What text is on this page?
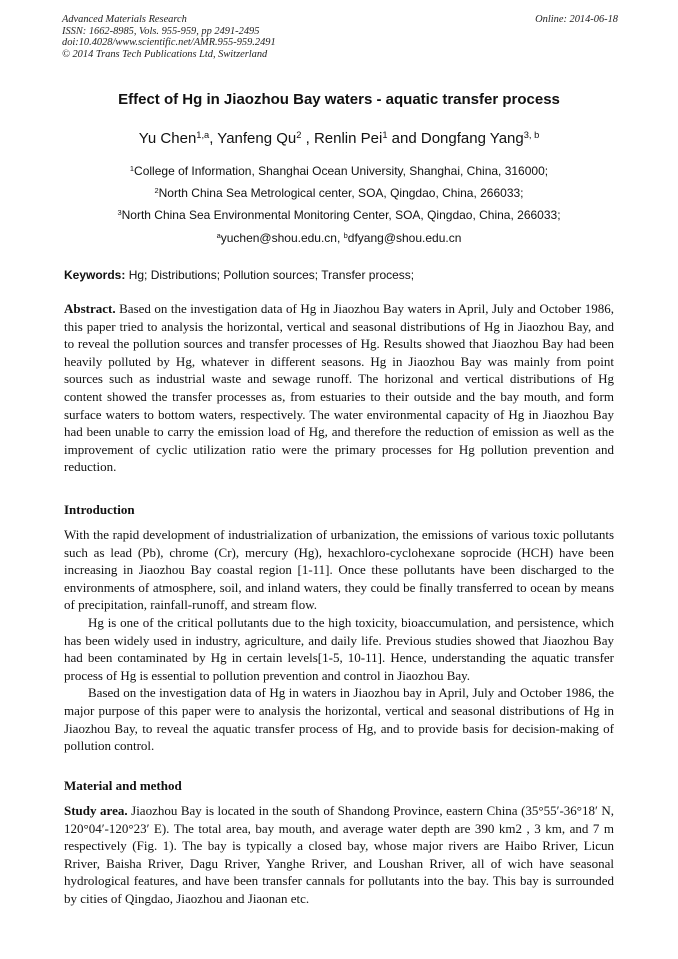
Advanced Materials Research
ISSN: 1662-8985, Vols. 955-959, pp 2491-2495
doi:10.4028/www.scientific.net/AMR.955-959.2491
© 2014 Trans Tech Publications Ltd, Switzerland
Online: 2014-06-18
Effect of Hg in Jiaozhou Bay waters - aquatic transfer process
Yu Chen$^{1,a}$, Yanfeng Qu$^2$ , Renlin Pei$^1$ and Dongfang Yang$^{3, b}$
$^1$College of Information, Shanghai Ocean University, Shanghai, China, 316000;
$^2$North China Sea Metrological center, SOA, Qingdao, China, 266033;
$^3$North China Sea Environmental Monitoring Center, SOA, Qingdao, China, 266033;
$^a$yuchen@shou.edu.cn, $^b$dfyang@shou.edu.cn
Keywords: Hg; Distributions; Pollution sources; Transfer process;

Abstract. Based on the investigation data of Hg in Jiaozhou Bay waters in April, July and October 1986, this paper tried to analysis the horizontal, vertical and seasonal distributions of Hg in Jiaozhou Bay, and to reveal the pollution sources and transfer processes of Hg. Results showed that Jiaozhou Bay had been heavily polluted by Hg, whatever in different seasons. Hg in Jiaozhou Bay was mainly from point sources such as industrial waste and sewage runoff. The horizonal and vertical distributions of Hg content showed the transfer processes as, from estuaries to their outside and the bay mouth, and form surface waters to bottom waters, respectively. The water environmental capacity of Hg in Jiaozhou Bay had been unable to carry the emission load of Hg, and therefore the reduction of emission as well as the improvement of cyclic utilization ratio were the primary processes for Hg pollution prevention and reduction.

Introduction

With the rapid development of industrialization of urbanization, the emissions of various toxic pollutants such as lead (Pb), chrome (Cr), mercury (Hg), hexachloro-cyclohexane soprocide (HCH) have been increasing in Jiaozhou Bay coastal region [1-11]. Once these pollutants have been discharged to the environments of atmosphere, soil, and inland waters, they could be finally transferred to ocean by means of precipitation, rainfall-runoff, and stream flow.

Hg is one of the critical pollutants due to the high toxicity, bioaccumulation, and persistence, which has been widely used in industry, agriculture, and daily life. Previous studies showed that Jiaozhou Bay had been contaminated by Hg in certain levels[1-5, 10-11]. Hence, understanding the aquatic transfer process of Hg is essential to pollution prevention and control in Jiaozhou Bay.

Based on the investigation data of Hg in waters in Jiaozhou bay in April, July and October 1986, the major purpose of this paper were to analysis the horizontal, vertical and seasonal distributions of Hg in Jiaozhou Bay, to reveal the aquatic transfer process of Hg, and to provide basis for decision-making of pollution control.

Material and method

Study area. Jiaozhou Bay is located in the south of Shandong Province, eastern China (35°55′-36°18′ N, 120°04′-120°23′ E). The total area, bay mouth, and average water depth are 390 km2 , 3 km, and 7 m respectively (Fig. 1). The bay is typically a closed bay, whose major rivers are Haibo Rriver, Licun Rriver, Baisha Rriver, Dagu Rriver, Yanghe Rriver, and Loushan Rriver, all of wich have seasonal hydrological features, and have been transfer cannals for pollutants into the bay. This bay is surrounded by cities of Qingdao, Jiaozhou and Jiaonan etc.
